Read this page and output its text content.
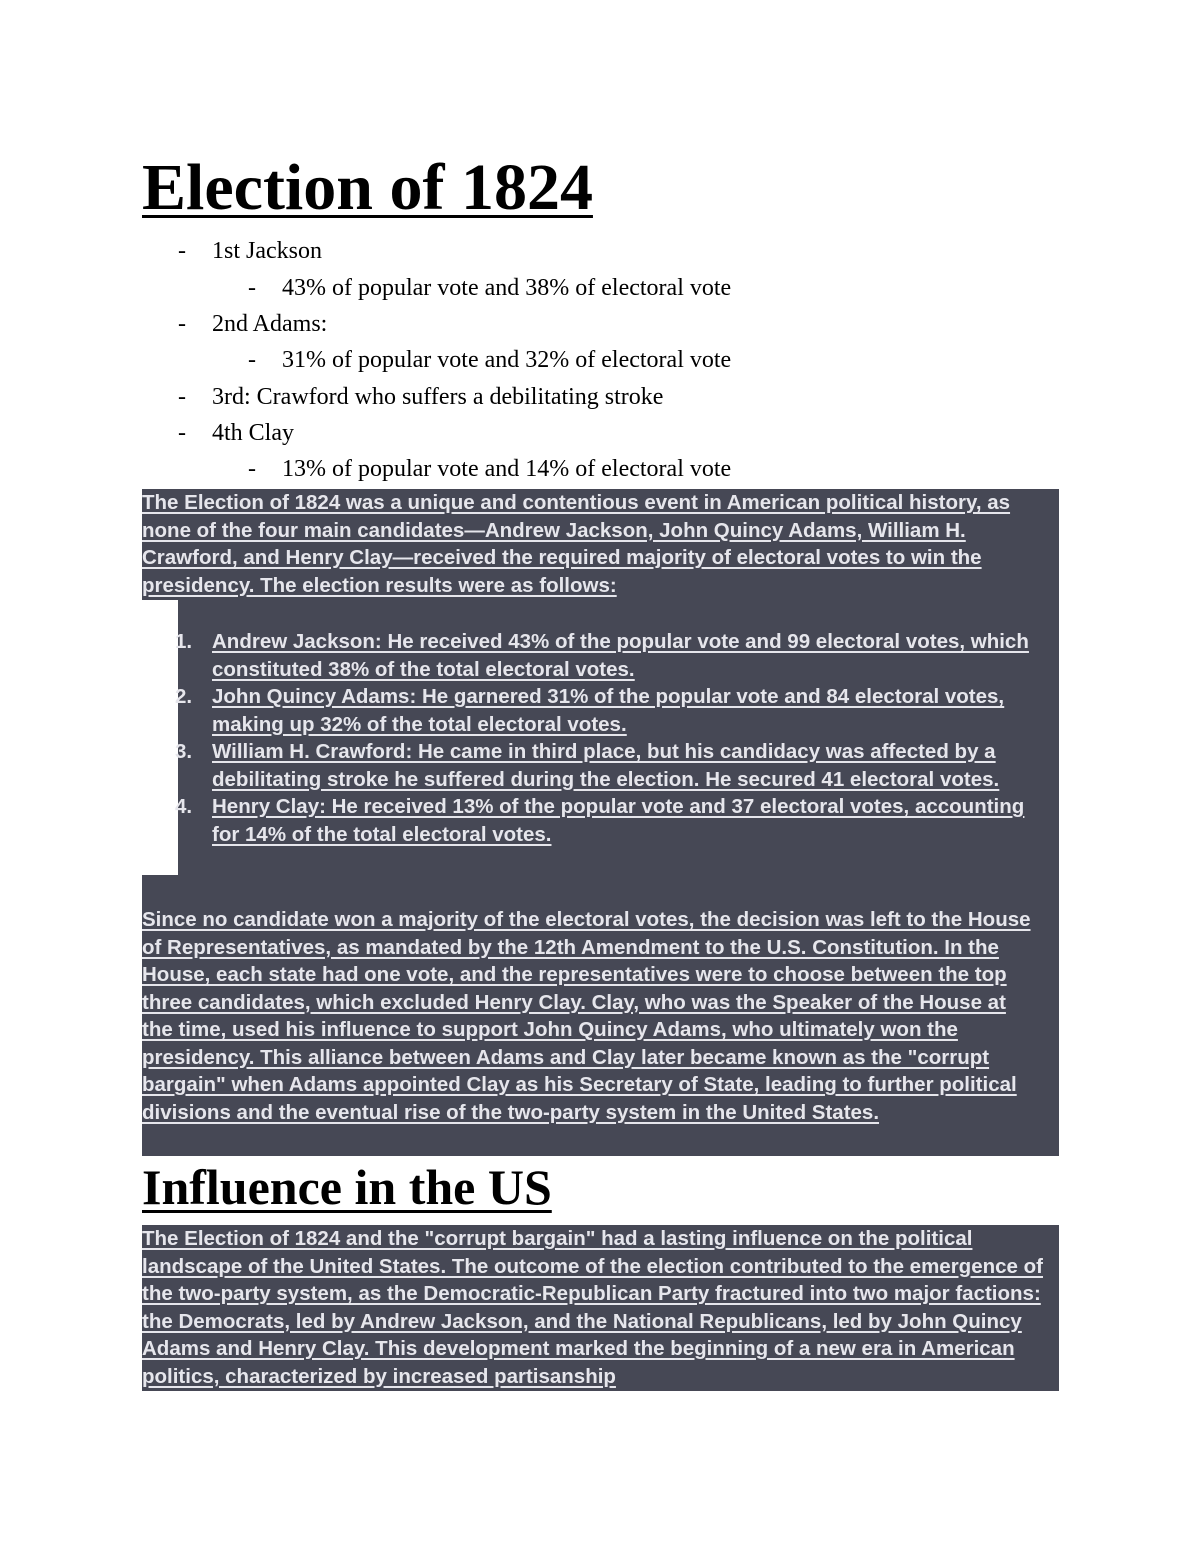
Election of 1824
- 1st Jackson
- 43% of popular vote and 38% of electoral vote
- 2nd Adams:
- 31% of popular vote and 32% of electoral vote
- 3rd: Crawford who suffers a debilitating stroke
- 4th Clay
- 13% of popular vote and 14% of electoral vote

The Election of 1824 was a unique and contentious event in American political history, as none of the four main candidates—Andrew Jackson, John Quincy Adams, William H. Crawford, and Henry Clay—received the required majority of electoral votes to win the presidency. The election results were as follows:

1. Andrew Jackson: He received 43% of the popular vote and 99 electoral votes, which constituted 38% of the total electoral votes.
2. John Quincy Adams: He garnered 31% of the popular vote and 84 electoral votes, making up 32% of the total electoral votes.
3. William H. Crawford: He came in third place, but his candidacy was affected by a debilitating stroke he suffered during the election. He secured 41 electoral votes.
4. Henry Clay: He received 13% of the popular vote and 37 electoral votes, accounting for 14% of the total electoral votes.

Since no candidate won a majority of the electoral votes, the decision was left to the House of Representatives, as mandated by the 12th Amendment to the U.S. Constitution. In the House, each state had one vote, and the representatives were to choose between the top three candidates, which excluded Henry Clay. Clay, who was the Speaker of the House at the time, used his influence to support John Quincy Adams, who ultimately won the presidency. This alliance between Adams and Clay later became known as the "corrupt bargain" when Adams appointed Clay as his Secretary of State, leading to further political divisions and the eventual rise of the two-party system in the United States.

Influence in the US

The Election of 1824 and the "corrupt bargain" had a lasting influence on the political landscape of the United States. The outcome of the election contributed to the emergence of the two-party system, as the Democratic-Republican Party fractured into two major factions: the Democrats, led by Andrew Jackson, and the National Republicans, led by John Quincy Adams and Henry Clay. This development marked the beginning of a new era in American politics, characterized by increased partisanship
